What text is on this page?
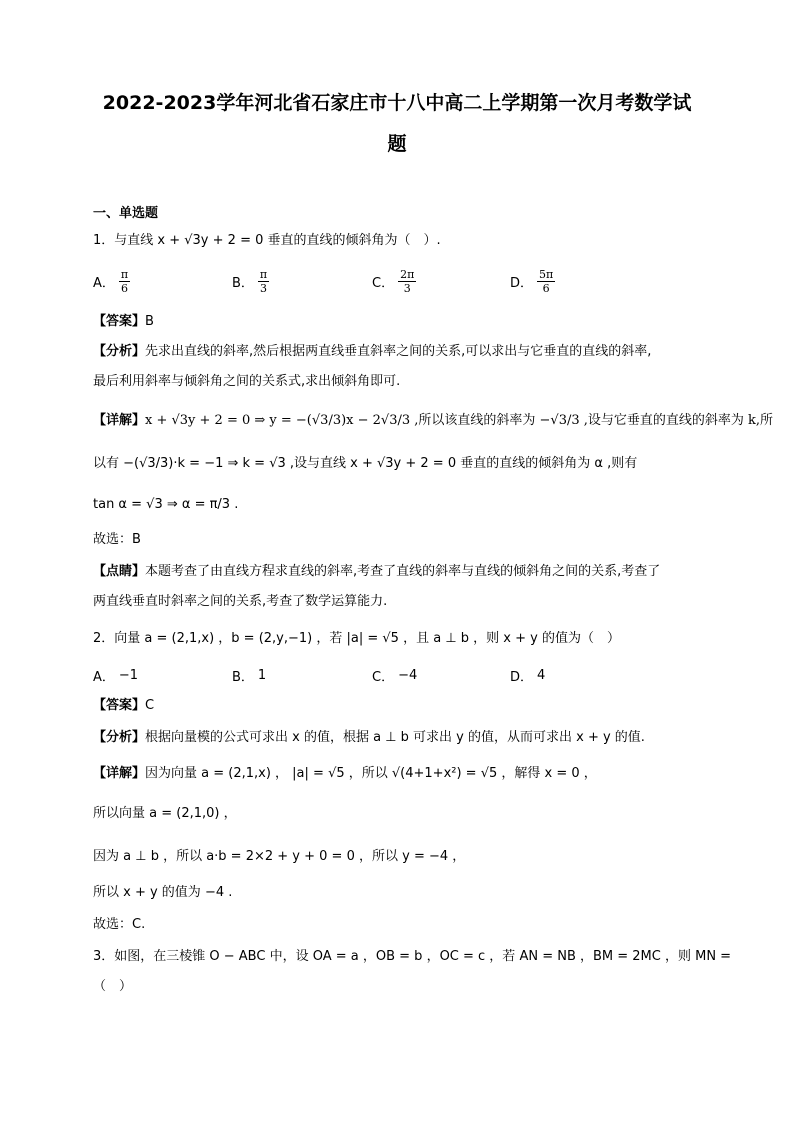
2022-2023学年河北省石家庄市十八中高二上学期第一次月考数学试
题
一、单选题
1．与直线 x + √3y + 2 = 0 垂直的直线的倾斜角为（　）.
A． $\frac{\pi}{6}$	B． $\frac{\pi}{3}$	C． $\frac{2\pi}{3}$	D． $\frac{5\pi}{6}$
【答案】B
【分析】先求出直线的斜率,然后根据两直线垂直斜率之间的关系,可以求出与它垂直的直线的斜率,
最后利用斜率与倾斜角之间的关系式,求出倾斜角即可.
【详解】x + √3y + 2 = 0 ⇒ y = −(√3/3)x − 2√3/3 ,所以该直线的斜率为 −√3/3 ,设与它垂直的直线的斜率为 k,所
以有 −(√3/3)·k = −1 ⇒ k = √3 ,设与直线 x + √3y + 2 = 0 垂直的直线的倾斜角为 α ,则有
tan α = √3 ⇒ α = π/3 .
故选：B
【点睛】本题考查了由直线方程求直线的斜率,考查了直线的斜率与直线的倾斜角之间的关系,考查了
两直线垂直时斜率之间的关系,考查了数学运算能力.
2．向量 a = (2,1,x) ，b = (2,y,−1) ，若 |a| = √5 ，且 a ⊥ b ，则 x + y 的值为（　）
A． −1	B． 1	C． −4	D． 4
【答案】C
【分析】根据向量模的公式可求出 x 的值，根据 a ⊥ b 可求出 y 的值，从而可求出 x + y 的值.
【详解】因为向量 a = (2,1,x) ， |a| = √5 ，所以 √(4+1+x²) = √5 ，解得 x = 0 ，
所以向量 a = (2,1,0) ，
因为 a ⊥ b ，所以 a·b = 2×2 + y + 0 = 0 ，所以 y = −4 ，
所以 x + y 的值为 −4 .
故选：C.
3．如图，在三棱锥 O − ABC 中，设 OA = a ，OB = b ，OC = c ，若 AN = NB ，BM = 2MC ，则 MN =
（　）
